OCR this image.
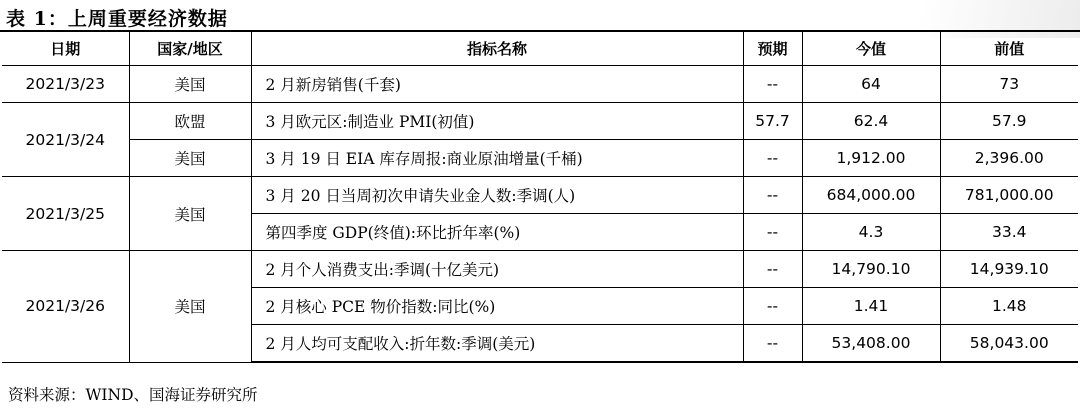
表 1：上周重要经济数据
日期	国家/地区	指标名称	预期	今值	前值
2021/3/23	美国	2 月新房销售(千套)	--	64	73
2021/3/24	欧盟	3 月欧元区:制造业 PMI(初值)	57.7	62.4	57.9
	美国	3 月 19 日 EIA 库存周报:商业原油增量(千桶)	--	1,912.00	2,396.00
2021/3/25	美国	3 月 20 日当周初次申请失业金人数:季调(人)	--	684,000.00	781,000.00
		第四季度 GDP(终值):环比折年率(%)	--	4.3	33.4
2021/3/26	美国	2 月个人消费支出:季调(十亿美元)	--	14,790.10	14,939.10
		2 月核心 PCE 物价指数:同比(%)	--	1.41	1.48
		2 月人均可支配收入:折年数:季调(美元)	--	53,408.00	58,043.00
资料来源：WIND、国海证券研究所
